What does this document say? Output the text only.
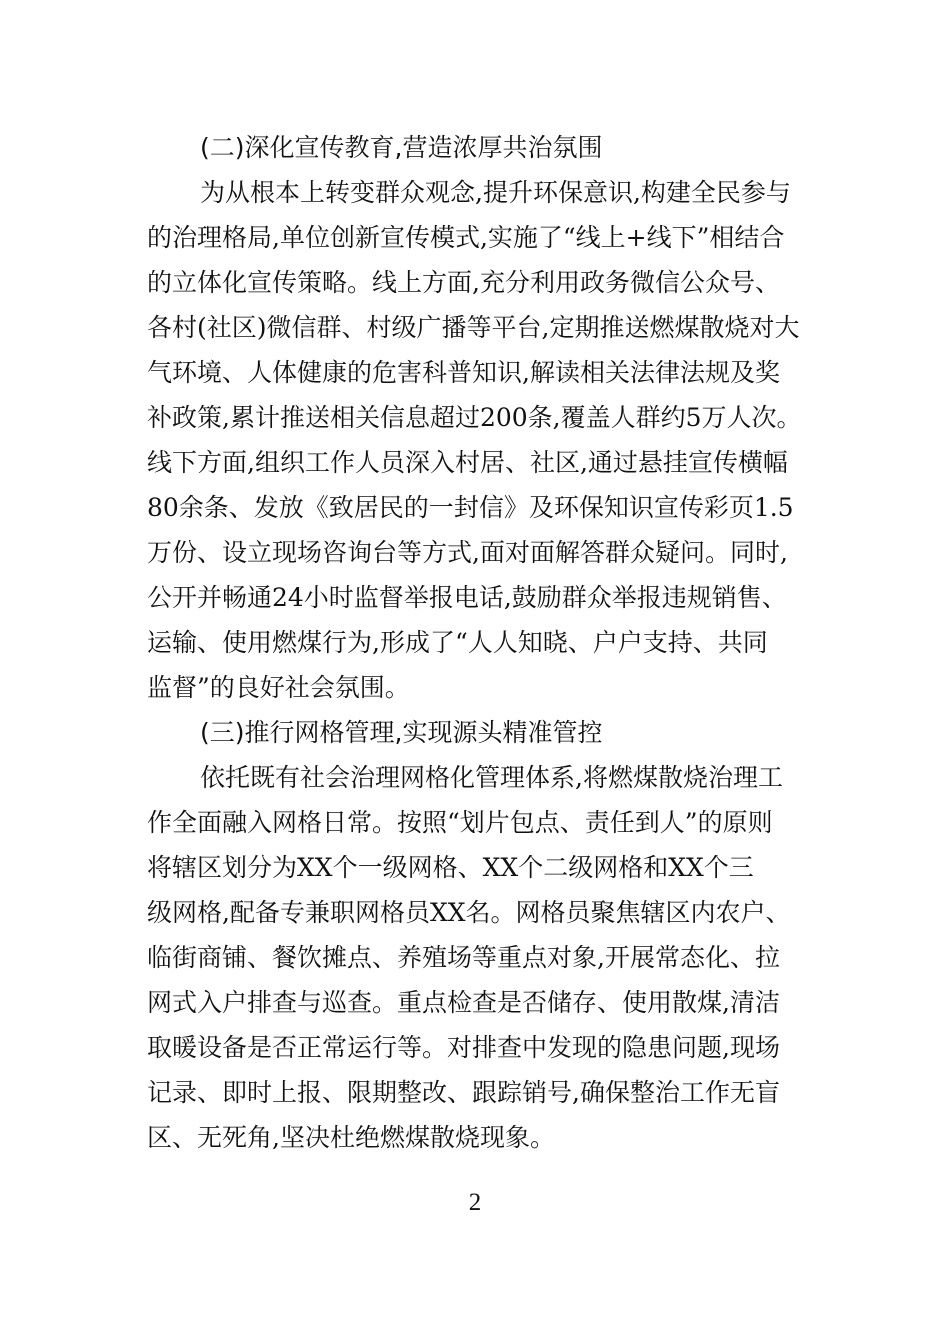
(二)深化宣传教育,营造浓厚共治氛围
为从根本上转变群众观念,提升环保意识,构建全民参与
的治理格局,单位创新宣传模式,实施了“线上+线下”相结合
的立体化宣传策略。线上方面,充分利用政务微信公众号、
各村(社区)微信群、村级广播等平台,定期推送燃煤散烧对大
气环境、人体健康的危害科普知识,解读相关法律法规及奖
补政策,累计推送相关信息超过200条,覆盖人群约5万人次。
线下方面,组织工作人员深入村居、社区,通过悬挂宣传横幅
80余条、发放《致居民的一封信》及环保知识宣传彩页1.5
万份、设立现场咨询台等方式,面对面解答群众疑问。同时,
公开并畅通24小时监督举报电话,鼓励群众举报违规销售、
运输、使用燃煤行为,形成了“人人知晓、户户支持、共同
监督”的良好社会氛围。
(三)推行网格管理,实现源头精准管控
依托既有社会治理网格化管理体系,将燃煤散烧治理工
作全面融入网格日常。按照“划片包点、责任到人”的原则
将辖区划分为XX个一级网格、XX个二级网格和XX个三
级网格,配备专兼职网格员XX名。网格员聚焦辖区内农户、
临街商铺、餐饮摊点、养殖场等重点对象,开展常态化、拉
网式入户排查与巡查。重点检查是否储存、使用散煤,清洁
取暖设备是否正常运行等。对排查中发现的隐患问题,现场
记录、即时上报、限期整改、跟踪销号,确保整治工作无盲
区、无死角,坚决杜绝燃煤散烧现象。
2
